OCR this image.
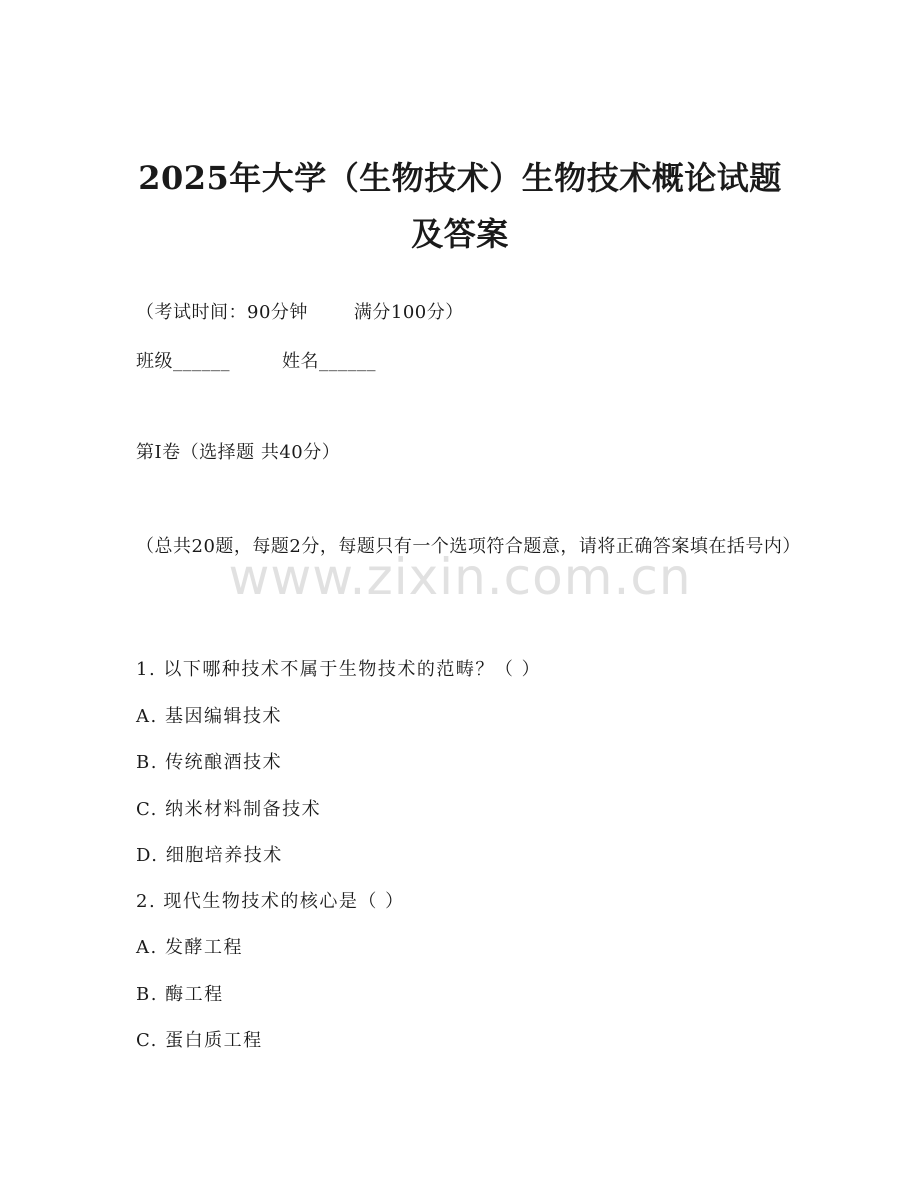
2025年大学（生物技术）生物技术概论试题
及答案
（考试时间：90分钟	满分100分）
班级______	姓名______
第I卷（选择题 共40分）
（总共20题，每题2分，每题只有一个选项符合题意，请将正确答案填在括号内）
1. 以下哪种技术不属于生物技术的范畴？（ ）
A. 基因编辑技术
B. 传统酿酒技术
C. 纳米材料制备技术
D. 细胞培养技术
2. 现代生物技术的核心是（ ）
A. 发酵工程
B. 酶工程
C. 蛋白质工程
www.zixin.com.cn
